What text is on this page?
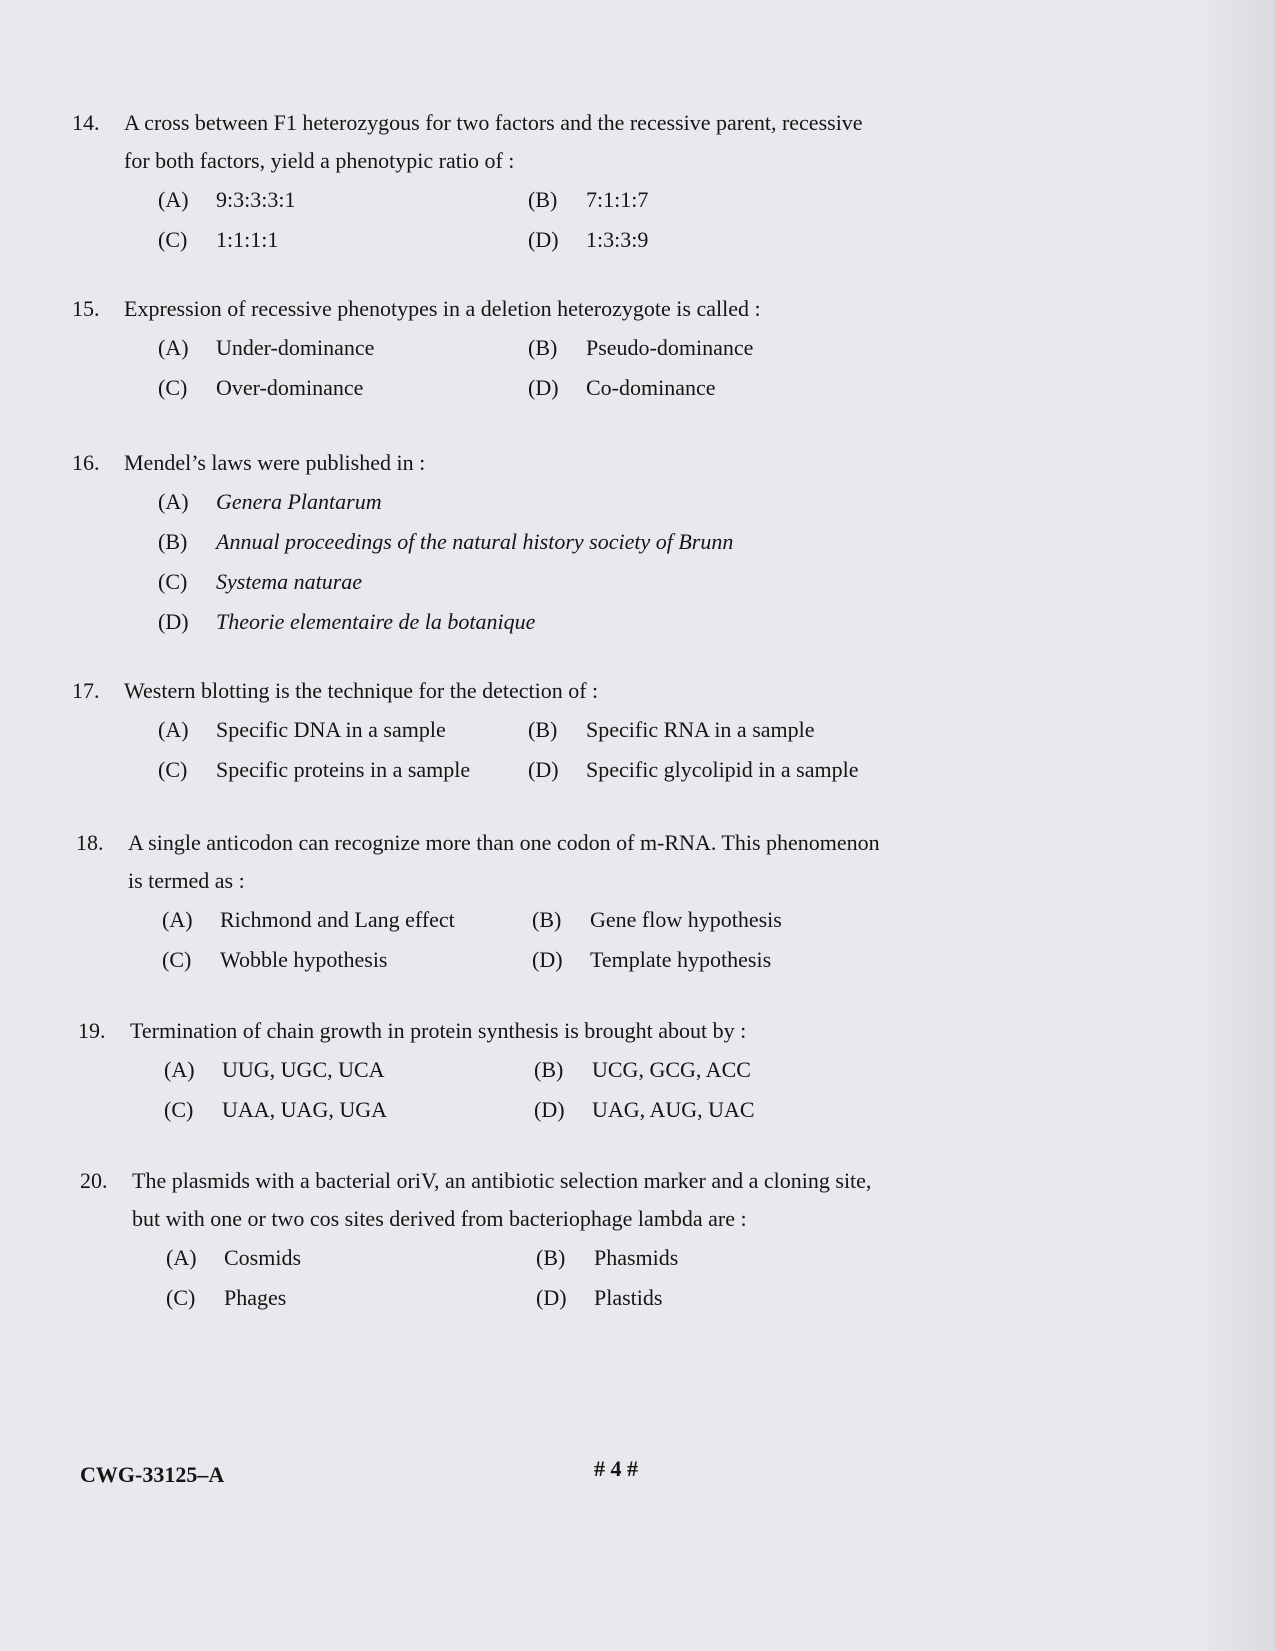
14.	A cross between F1 heterozygous for two factors and the recessive parent, recessive
for both factors, yield a phenotypic ratio of :
(A)	9:3:3:3:1	(B)	7:1:1:7
(C)	1:1:1:1	(D)	1:3:3:9
15.	Expression of recessive phenotypes in a deletion heterozygote is called :
(A)	Under-dominance	(B)	Pseudo-dominance
(C)	Over-dominance	(D)	Co-dominance
16.	Mendel’s laws were published in :
(A)	Genera Plantarum
(B)	Annual proceedings of the natural history society of Brunn
(C)	Systema naturae
(D)	Theorie elementaire de la botanique
17.	Western blotting is the technique for the detection of :
(A)	Specific DNA in a sample	(B)	Specific RNA in a sample
(C)	Specific proteins in a sample	(D)	Specific glycolipid in a sample
18.	A single anticodon can recognize more than one codon of m-RNA. This phenomenon
is termed as :
(A)	Richmond and Lang effect	(B)	Gene flow hypothesis
(C)	Wobble hypothesis	(D)	Template hypothesis
19.	Termination of chain growth in protein synthesis is brought about by :
(A)	UUG, UGC, UCA	(B)	UCG, GCG, ACC
(C)	UAA, UAG, UGA	(D)	UAG, AUG, UAC
20.	The plasmids with a bacterial oriV, an antibiotic selection marker and a cloning site,
but with one or two cos sites derived from bacteriophage lambda are :
(A)	Cosmids	(B)	Phasmids
(C)	Phages	(D)	Plastids
CWG-33125–A	# 4 #
